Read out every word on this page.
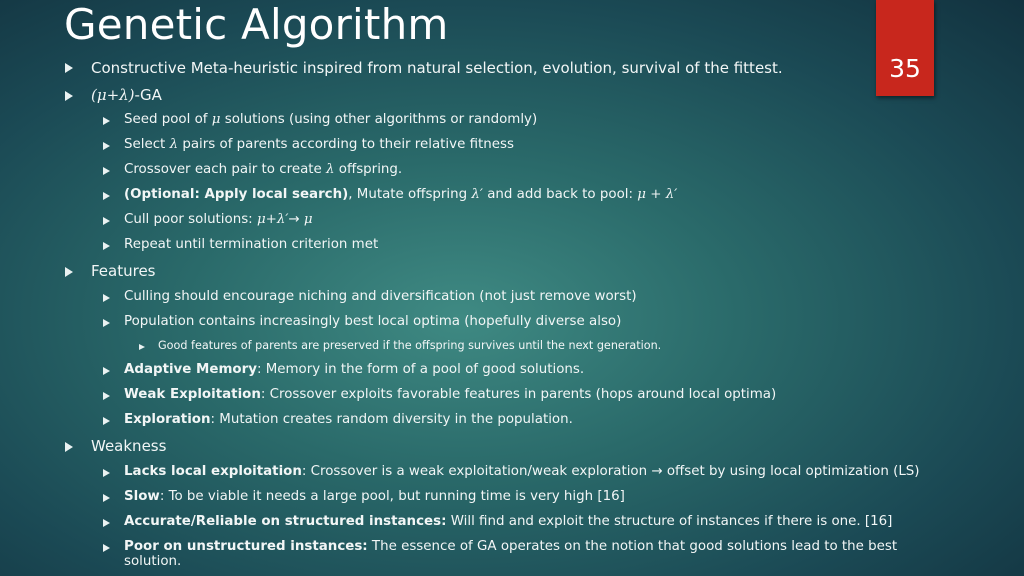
Genetic Algorithm
35
Constructive Meta-heuristic inspired from natural selection, evolution, survival of the fittest.
(μ+λ)-GA
Seed pool of μ solutions (using other algorithms or randomly)
Select λ pairs of parents according to their relative fitness
Crossover each pair to create λ offspring.
(Optional: Apply local search), Mutate offspring λ′ and add back to pool: μ + λ′
Cull poor solutions: μ+λ′→ μ
Repeat until termination criterion met
Features
Culling should encourage niching and diversification (not just remove worst)
Population contains increasingly best local optima (hopefully diverse also)
Good features of parents are preserved if the offspring survives until the next generation.
Adaptive Memory: Memory in the form of a pool of good solutions.
Weak Exploitation: Crossover exploits favorable features in parents (hops around local optima)
Exploration: Mutation creates random diversity in the population.
Weakness
Lacks local exploitation: Crossover is a weak exploitation/weak exploration → offset by using local optimization (LS)
Slow: To be viable it needs a large pool, but running time is very high [16]
Accurate/Reliable on structured instances: Will find and exploit the structure of instances if there is one. [16]
Poor on unstructured instances: The essence of GA operates on the notion that good solutions lead to the best
solution.
